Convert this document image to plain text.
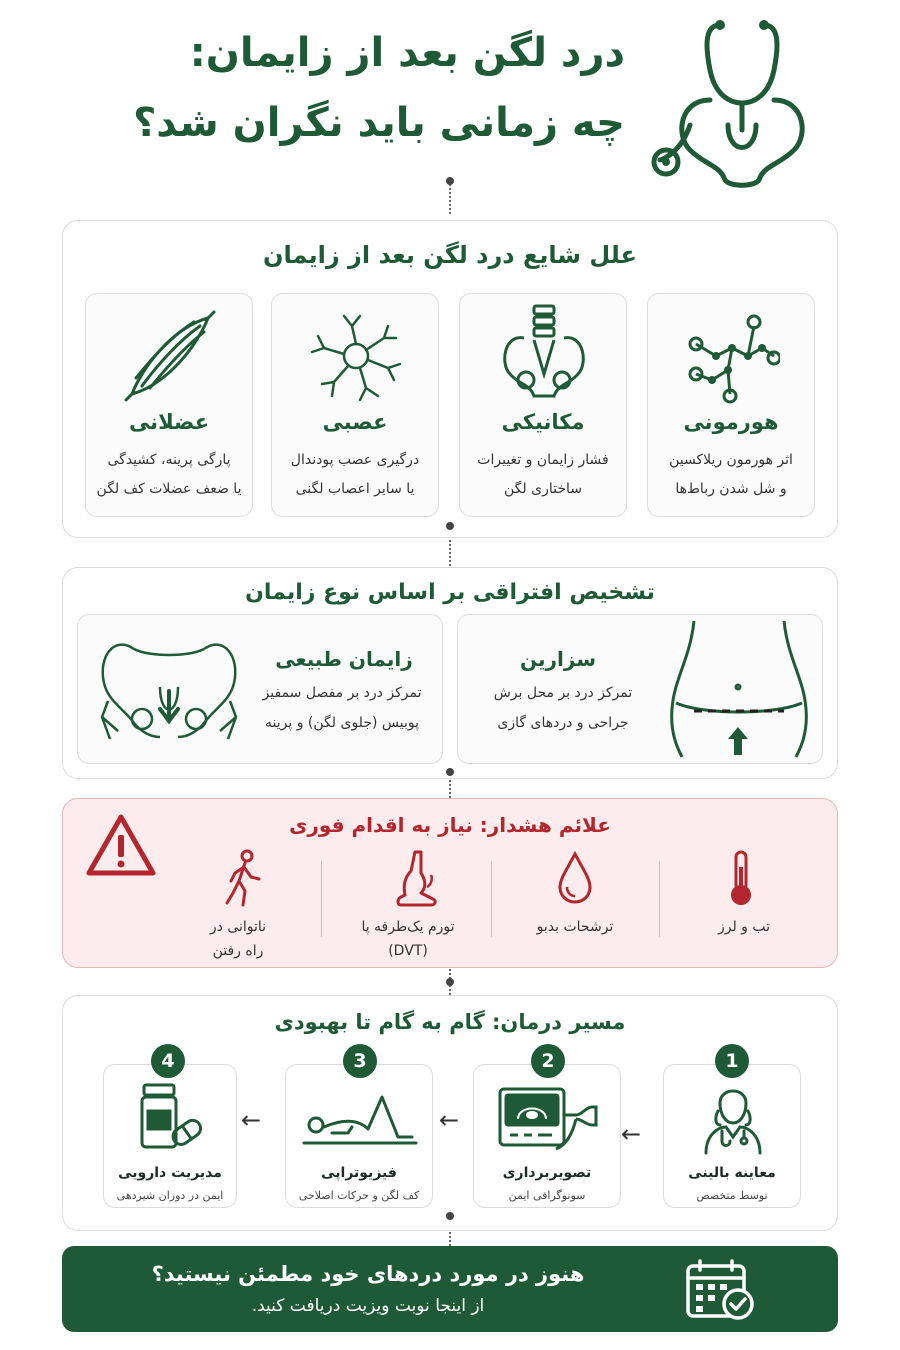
درد لگن بعد از زایمان:
چه زمانی باید نگران شد؟
علل شایع درد لگن بعد از زایمان
هورمونی
اثر هورمون ریلاکسین
و شل شدن رباط‌ها
مکانیکی
فشار زایمان و تغییرات
ساختاری لگن
عصبی
درگیری عصب پودندال
یا سایر اعصاب لگنی
عضلانی
پارگی پرینه، کشیدگی
یا ضعف عضلات کف لگن
تشخیص افتراقی بر اساس نوع زایمان
سزارین
تمرکز درد بر محل برش
جراحی و دردهای گازی
زایمان طبیعی
تمرکز درد بر مفصل سمفیز
پوبیس (جلوی لگن) و پرینه
علائم هشدار: نیاز به اقدام فوری
تب و لرز
ترشحات بدبو
تورم یک‌طرفه پا
(DVT)
ناتوانی در
راه رفتن
مسیر درمان: گام به گام تا بهبودی
معاینه بالینی
توسط متخصص
1
←
تصویربرداری
سونوگرافی ایمن
2
←
فیزیوتراپی
کف لگن و حرکات اصلاحی
3
←
مدیریت دارویی
ایمن در دوران شیردهی
4
هنوز در مورد دردهای خود مطمئن نیستید؟
از اینجا نوبت ویزیت دریافت کنید.
